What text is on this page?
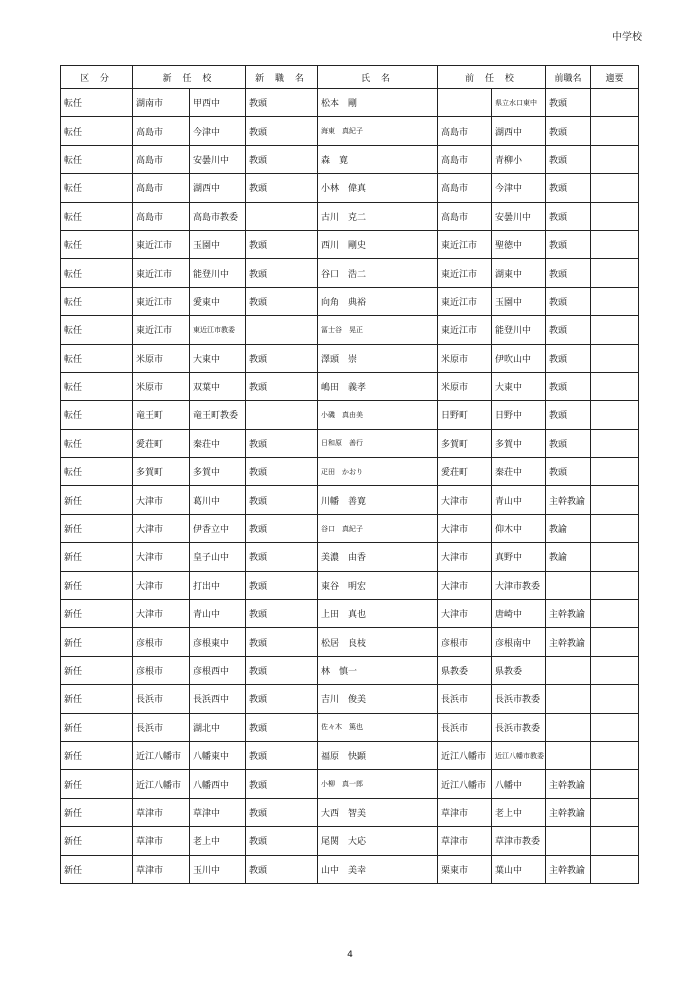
中学校
区 分	新 任 校		新 職 名	氏 名	前 任 校		前職名	適要
転任	湖南市	甲西中	教頭	松本　剛		県立水口東中	教頭	
転任	高島市	今津中	教頭	海東　真紀子	高島市	湖西中	教頭	
転任	高島市	安曇川中	教頭	森　寛	高島市	青柳小	教頭	
転任	高島市	湖西中	教頭	小林　偉真	高島市	今津中	教頭	
転任	高島市	高島市教委		古川　克二	高島市	安曇川中	教頭	
転任	東近江市	玉園中	教頭	西川　剛史	東近江市	聖徳中	教頭	
転任	東近江市	能登川中	教頭	谷口　浩二	東近江市	湖東中	教頭	
転任	東近江市	愛東中	教頭	向角　典裕	東近江市	玉園中	教頭	
転任	東近江市	東近江市教委		冨士谷　晃正	東近江市	能登川中	教頭	
転任	米原市	大東中	教頭	澤頭　崇	米原市	伊吹山中	教頭	
転任	米原市	双葉中	教頭	嶋田　義孝	米原市	大東中	教頭	
転任	竜王町	竜王町教委		小磯　真由美	日野町	日野中	教頭	
転任	愛荘町	秦荘中	教頭	日和原　善行	多賀町	多賀中	教頭	
転任	多賀町	多賀中	教頭	疋田　かおり	愛荘町	秦荘中	教頭	
新任	大津市	葛川中	教頭	川幡　善寛	大津市	青山中	主幹教諭	
新任	大津市	伊香立中	教頭	谷口　真紀子	大津市	仰木中	教諭	
新任	大津市	皇子山中	教頭	美濃　由香	大津市	真野中	教諭	
新任	大津市	打出中	教頭	東谷　明宏	大津市	大津市教委		
新任	大津市	青山中	教頭	上田　真也	大津市	唐崎中	主幹教諭	
新任	彦根市	彦根東中	教頭	松居　良枝	彦根市	彦根南中	主幹教諭	
新任	彦根市	彦根西中	教頭	林　慎一	県教委	県教委		
新任	長浜市	長浜西中	教頭	吉川　俊美	長浜市	長浜市教委		
新任	長浜市	湖北中	教頭	佐々木　篤也	長浜市	長浜市教委		
新任	近江八幡市	八幡東中	教頭	福原　快顕	近江八幡市	近江八幡市教委		
新任	近江八幡市	八幡西中	教頭	小柳　真一郎	近江八幡市	八幡中	主幹教諭	
新任	草津市	草津中	教頭	大西　智美	草津市	老上中	主幹教諭	
新任	草津市	老上中	教頭	尾関　大応	草津市	草津市教委		
新任	草津市	玉川中	教頭	山中　美幸	栗東市	葉山中	主幹教諭	
4
